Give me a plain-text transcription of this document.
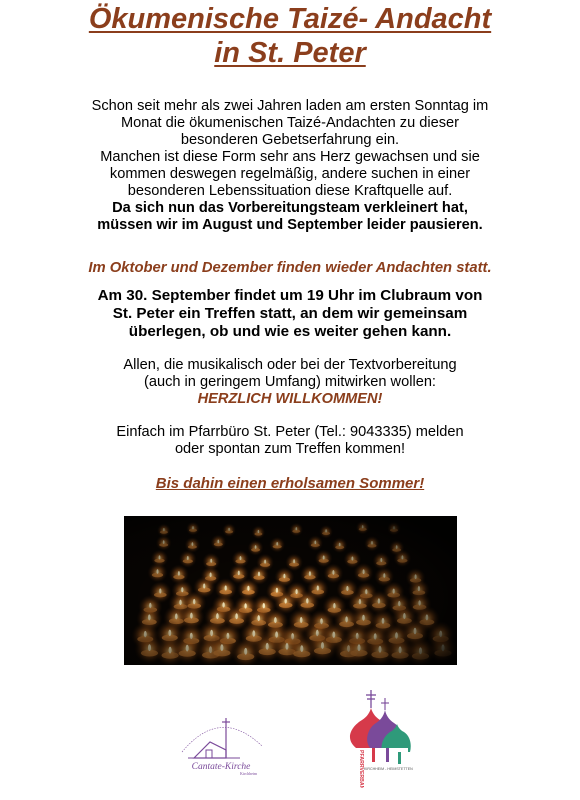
Ökumenische Taizé- Andacht
in St. Peter

Schon seit mehr als zwei Jahren laden am ersten Sonntag im

Monat die ökumenischen Taizé-Andachten zu dieser

besonderen Gebetserfahrung ein.

Manchen ist diese Form sehr ans Herz gewachsen und sie

kommen deswegen regelmäßig, andere suchen in einer

besonderen Lebenssituation diese Kraftquelle auf.

Da sich nun das Vorbereitungsteam verkleinert hat,

müssen wir im August und September leider pausieren.

Im Oktober und Dezember finden wieder Andachten statt.

Am 30. September findet um 19 Uhr im Clubraum von

St. Peter ein Treffen statt, an dem wir gemeinsam

überlegen, ob und wie es weiter gehen kann.

Allen, die musikalisch oder bei der Textvorbereitung

(auch in geringem Umfang) mitwirken wollen:

HERZLICH WILLKOMMEN!

Einfach im Pfarrbüro St. Peter (Tel.: 9043335) melden

oder spontan zum Treffen kommen!

Bis dahin einen erholsamen Sommer!
Cantate-Kirche
Kirchheim	PFARRVERBAND KIRCHHEIM - HEIMSTETTEN
